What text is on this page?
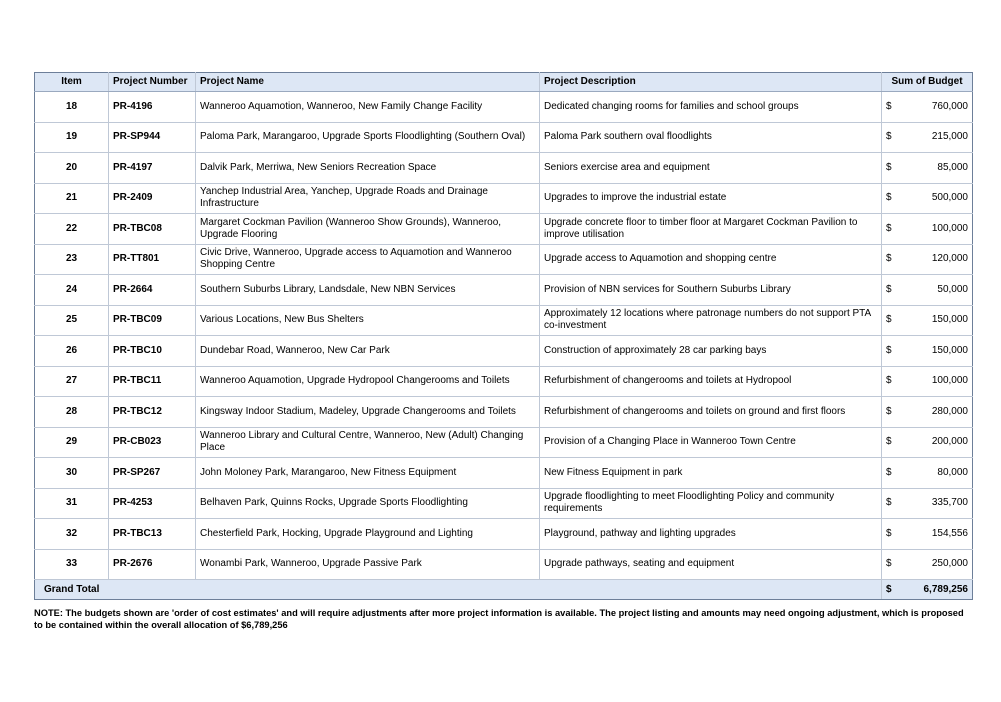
Item	Project Number	Project Name	Project Description	Sum of Budget
18	PR-4196	Wanneroo Aquamotion, Wanneroo, New Family Change Facility	Dedicated changing rooms for families and school groups	$ 760,000

19	PR-SP944	Paloma Park, Marangaroo, Upgrade Sports Floodlighting (Southern Oval)	Paloma Park southern oval floodlights	$ 215,000

20	PR-4197	Dalvik Park, Merriwa, New Seniors Recreation Space	Seniors exercise area and equipment	$ 85,000

21	PR-2409	Yanchep Industrial Area, Yanchep, Upgrade Roads and Drainage Infrastructure	Upgrades to improve the industrial estate	$ 500,000

22	PR-TBC08	Margaret Cockman Pavilion (Wanneroo Show Grounds), Wanneroo, Upgrade Flooring	Upgrade concrete floor to timber floor at Margaret Cockman Pavilion to improve utilisation	$ 100,000

23	PR-TT801	Civic Drive, Wanneroo, Upgrade access to Aquamotion and Wanneroo Shopping Centre	Upgrade access to Aquamotion and shopping centre	$ 120,000

24	PR-2664	Southern Suburbs Library, Landsdale, New NBN Services	Provision of NBN services for Southern Suburbs Library	$ 50,000

25	PR-TBC09	Various Locations, New Bus Shelters	Approximately 12 locations where patronage numbers do not support PTA co-investment	$ 150,000

26	PR-TBC10	Dundebar Road, Wanneroo, New Car Park	Construction of approximately 28 car parking bays	$ 150,000

27	PR-TBC11	Wanneroo Aquamotion, Upgrade Hydropool Changerooms and Toilets	Refurbishment of changerooms and toilets at Hydropool	$ 100,000

28	PR-TBC12	Kingsway Indoor Stadium, Madeley, Upgrade Changerooms and Toilets	Refurbishment of changerooms and toilets on ground and first floors	$ 280,000

29	PR-CB023	Wanneroo Library and Cultural Centre, Wanneroo, New (Adult) Changing Place	Provision of a Changing Place in Wanneroo Town Centre	$ 200,000

30	PR-SP267	John Moloney Park, Marangaroo, New Fitness Equipment	New Fitness Equipment in park	$ 80,000

31	PR-4253	Belhaven Park, Quinns Rocks, Upgrade Sports Floodlighting	Upgrade floodlighting to meet Floodlighting Policy and community requirements	$ 335,700

32	PR-TBC13	Chesterfield Park, Hocking, Upgrade Playground and Lighting	Playground, pathway and lighting upgrades	$ 154,556

33	PR-2676	Wonambi Park, Wanneroo, Upgrade Passive Park	Upgrade pathways, seating and equipment	$ 250,000

Grand Total				$ 6,789,256
NOTE: The budgets shown are 'order of cost estimates' and will require adjustments after more project information is available. The project listing and amounts may need ongoing adjustment, which is proposed to be contained within the overall allocation of $6,789,256
